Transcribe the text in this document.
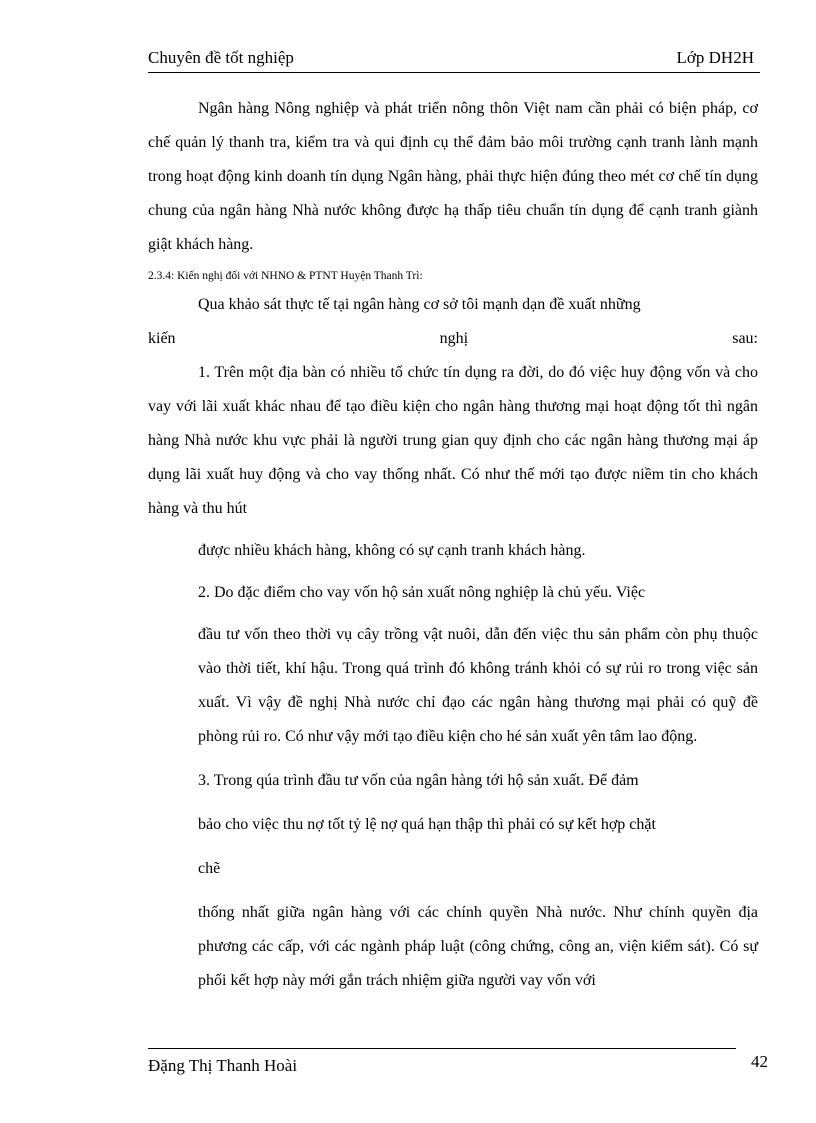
Chuyên đề tốt nghiệp	Lớp DH2H

Ngân hàng Nông nghiệp và phát triển nông thôn Việt nam cần phải có biện pháp, cơ chế quản lý thanh tra, kiểm tra và qui định cụ thể đảm bảo môi trường cạnh tranh lành mạnh trong hoạt động kinh doanh tín dụng Ngân hàng, phải thực hiện đúng theo mét cơ chế tín dụng chung của ngân hàng Nhà nước không được hạ thấp tiêu chuẩn tín dụng để cạnh tranh giành giật khách hàng.

2.3.4: Kiến nghị đối với NHNO & PTNT Huyện Thanh Trì:

Qua khảo sát thực tế tại ngân hàng cơ sở tôi mạnh dạn đề xuất những

kiến	nghị	sau:

1. Trên một địa bàn có nhiều tổ chức tín dụng ra đời, do đó việc huy động vốn và cho vay với lãi xuất khác nhau để tạo điều kiện cho ngân hàng thương mại hoạt động tốt thì ngân hàng Nhà nước khu vực phải là người trung gian quy định cho các ngân hàng thương mại áp dụng lãi xuất huy động và cho vay thống nhất. Có như thế mới tạo được niềm tin cho khách hàng và thu hút

được nhiều khách hàng, không có sự cạnh tranh khách hàng.

2. Do đặc điểm cho vay vốn hộ sản xuất nông nghiệp là chủ yếu. Việc

đầu tư vốn theo thời vụ cây trồng vật nuôi, dẫn đến việc thu sản phẩm còn phụ thuộc vào thời tiết, khí hậu. Trong quá trình đó không tránh khỏi có sự rủi ro trong việc sản xuất. Vì vậy đề nghị Nhà nước chỉ đạo các ngân hàng thương mại phải có quỹ đề phòng rủi ro. Có như vậy mới tạo điều kiện cho hé sản xuất yên tâm lao động.

3. Trong qúa trình đầu tư vốn của ngân hàng tới hộ sản xuất. Để đảm

bảo cho việc thu nợ tốt tỷ lệ nợ quá hạn thập thì phải có sự kết hợp chặt

chẽ

thống nhất giữa ngân hàng với các chính quyền Nhà nước. Như chính quyền địa phương các cấp, với các ngành pháp luật (công chứng, công an, viện kiểm sát). Có sự phối kết hợp này mới gắn trách nhiệm giữa người vay vốn với

Đặng Thị Thanh Hoài	42
